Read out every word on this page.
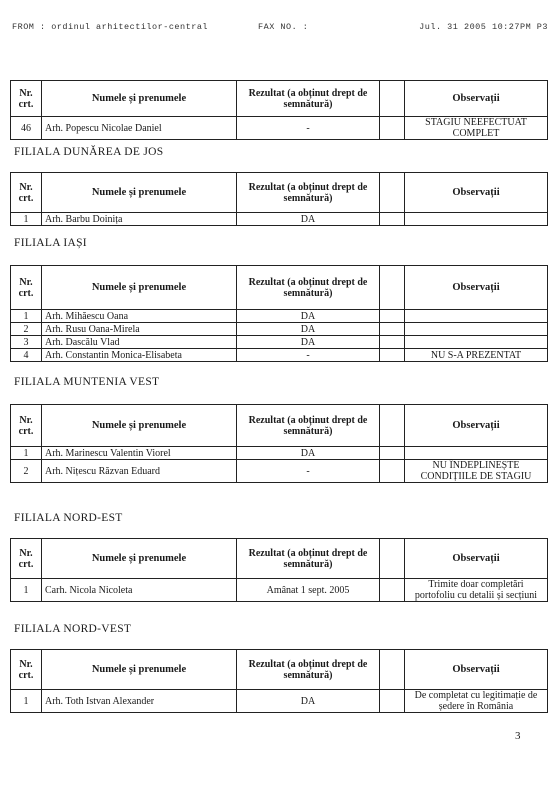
FROM : ordinul arhitectilor-central	FAX NO. :	Jul. 31 2005 10:27PM P3
Nr. crt.	Numele și prenumele	Rezultat (a obținut drept de semnătură)		Observații
46	Arh. Popescu Nicolae Daniel	-		STAGIU NEEFECTUAT COMPLET
FILIALA DUNĂREA DE JOS
Nr. crt.	Numele și prenumele	Rezultat (a obținut drept de semnătură)		Observații
1	Arh. Barbu Doinița	DA		
FILIALA IAȘI
Nr. crt.	Numele și prenumele	Rezultat (a obținut drept de semnătură)		Observații
1	Arh. Mihăescu Oana	DA		
2	Arh. Rusu Oana-Mirela	DA		
3	Arh. Dascălu Vlad	DA		
4	Arh. Constantin Monica-Elisabeta	-		NU S-A PREZENTAT
FILIALA MUNTENIA VEST
Nr. crt.	Numele și prenumele	Rezultat (a obținut drept de semnătură)		Observații
1	Arh. Marinescu Valentin Viorel	DA		
2	Arh. Nițescu Răzvan Eduard	-		NU ÎNDEPLINEȘTE CONDIȚIILE DE STAGIU
FILIALA NORD-EST
Nr. crt.	Numele și prenumele	Rezultat (a obținut drept de semnătură)		Observații
1	Carh. Nicola Nicoleta	Amânat 1 sept. 2005		Trimite doar completări portofoliu cu detalii și secțiuni
FILIALA NORD-VEST
Nr. crt.	Numele și prenumele	Rezultat (a obținut drept de semnătură)		Observații
1	Arh. Toth Istvan Alexander	DA		De completat cu legitimație de ședere în România
3
